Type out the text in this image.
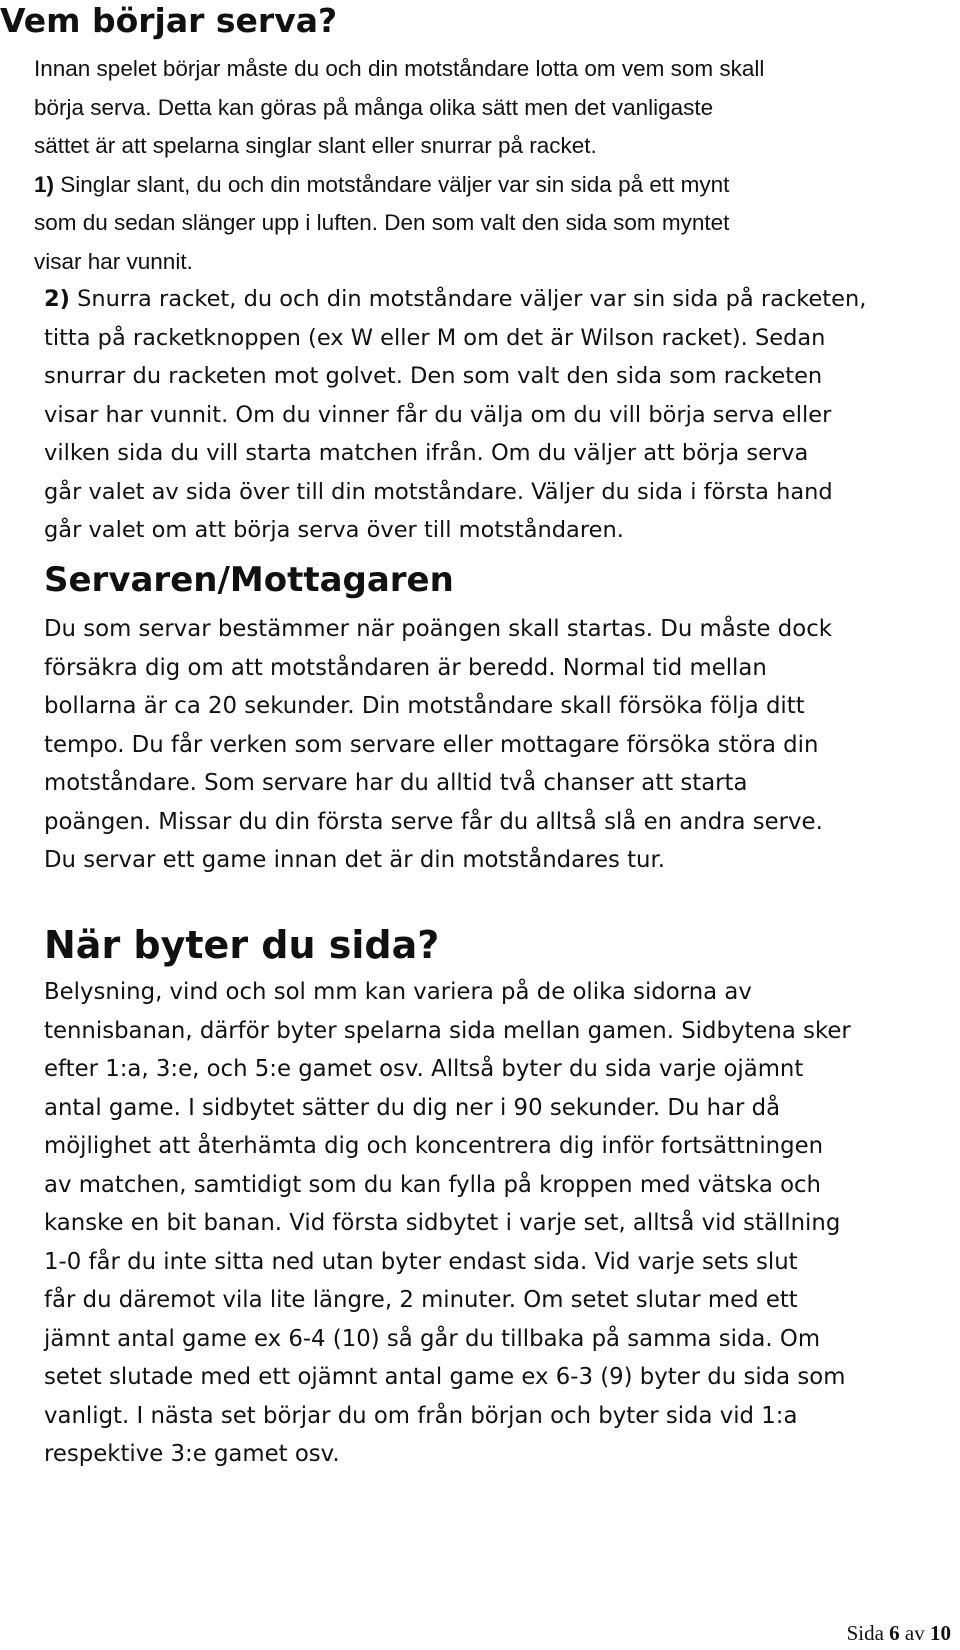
Vem börjar serva?

Innan spelet börjar måste du och din motståndare lotta om vem som skall
börja serva. Detta kan göras på många olika sätt men det vanligaste
sättet är att spelarna singlar slant eller snurrar på racket.
1) Singlar slant, du och din motståndare väljer var sin sida på ett mynt
som du sedan slänger upp i luften. Den som valt den sida som myntet
visar har vunnit.

2) Snurra racket, du och din motståndare väljer var sin sida på racketen,
titta på racketknoppen (ex W eller M om det är Wilson racket). Sedan
snurrar du racketen mot golvet. Den som valt den sida som racketen
visar har vunnit. Om du vinner får du välja om du vill börja serva eller
vilken sida du vill starta matchen ifrån. Om du väljer att börja serva
går valet av sida över till din motståndare. Väljer du sida i första hand
går valet om att börja serva över till motståndaren.

Servaren/Mottagaren

Du som servar bestämmer när poängen skall startas. Du måste dock
försäkra dig om att motståndaren är beredd. Normal tid mellan
bollarna är ca 20 sekunder. Din motståndare skall försöka följa ditt
tempo. Du får verken som servare eller mottagare försöka störa din
motståndare. Som servare har du alltid två chanser att starta
poängen. Missar du din första serve får du alltså slå en andra serve.
Du servar ett game innan det är din motståndares tur.

När byter du sida?

Belysning, vind och sol mm kan variera på de olika sidorna av
tennisbanan, därför byter spelarna sida mellan gamen. Sidbytena sker
efter 1:a, 3:e, och 5:e gamet osv. Alltså byter du sida varje ojämnt
antal game. I sidbytet sätter du dig ner i 90 sekunder. Du har då
möjlighet att återhämta dig och koncentrera dig inför fortsättningen
av matchen, samtidigt som du kan fylla på kroppen med vätska och
kanske en bit banan. Vid första sidbytet i varje set, alltså vid ställning
1-0 får du inte sitta ned utan byter endast sida. Vid varje sets slut
får du däremot vila lite längre, 2 minuter. Om setet slutar med ett
jämnt antal game ex 6-4 (10) så går du tillbaka på samma sida. Om
setet slutade med ett ojämnt antal game ex 6-3 (9) byter du sida som
vanligt. I nästa set börjar du om från början och byter sida vid 1:a
respektive 3:e gamet osv.

Sida 6 av 10
